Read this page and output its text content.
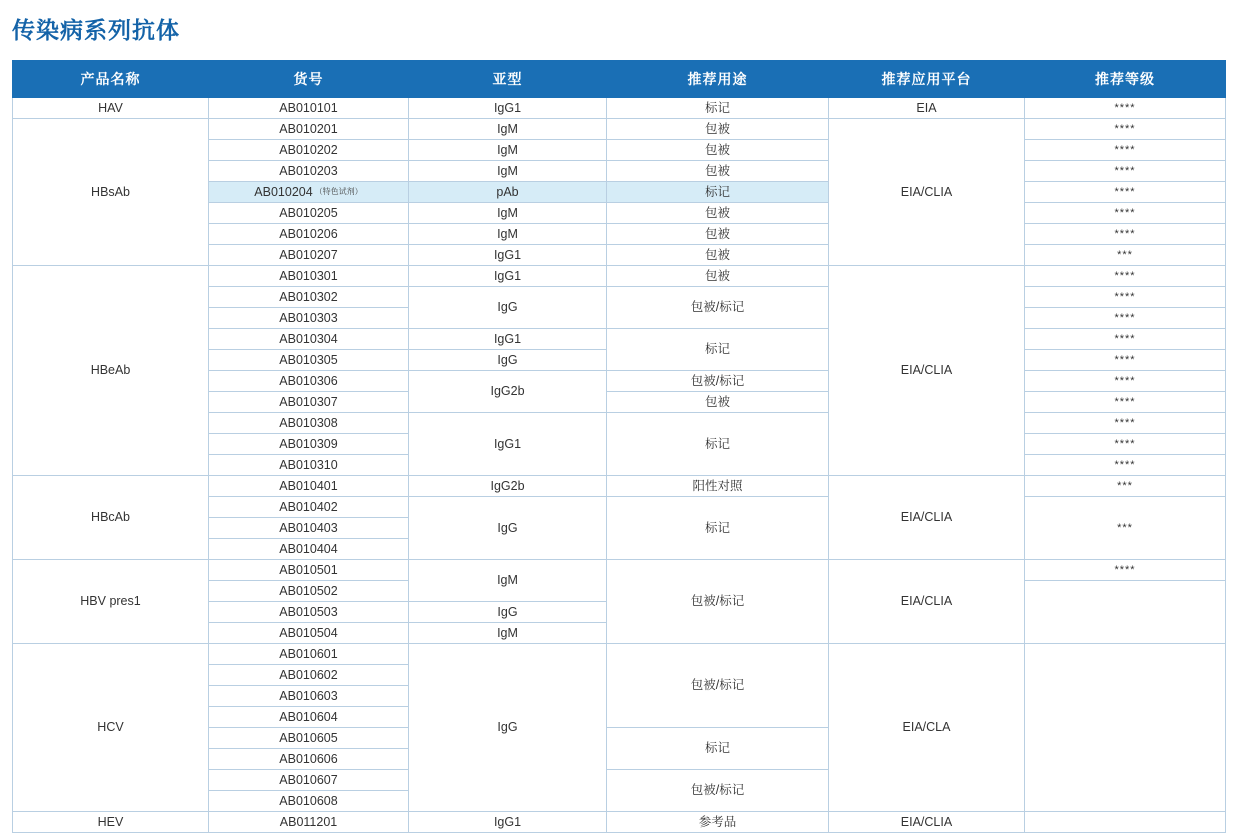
传染病系列抗体
产品名称	货号	亚型	推荐用途	推荐应用平台	推荐等级
HAV	AB010101	IgG1	标记	EIA	****
HBsAb	AB010201	IgM	包被	EIA/CLIA	****
	AB010202	IgM	包被		****
	AB010203	IgM	包被		****
	AB010204 $^{(特色试剂)}$	pAb	标记		****
	AB010205	IgM	包被		****
	AB010206	IgM	包被		****
	AB010207	IgG1	包被		***
HBeAb	AB010301	IgG1	包被	EIA/CLIA	****
	AB010302	IgG	包被/标记		****
	AB010303				****
	AB010304	IgG1	标记		****
	AB010305	IgG			****
	AB010306	IgG2b	包被/标记		****
	AB010307		包被		****
	AB010308	IgG1	标记		****
	AB010309				****
	AB010310				****
HBcAb	AB010401	IgG2b	阳性对照	EIA/CLIA	***
	AB010402	IgG	标记		***
	AB010403				
	AB010404				
HBV pres1	AB010501	IgM	包被/标记	EIA/CLIA	****
	AB010502				
	AB010503	IgG			
	AB010504	IgM			
HCV	AB010601	IgG	包被/标记	EIA/CLA	
	AB010602				
	AB010603				
	AB010604				
	AB010605		标记		
	AB010606				
	AB010607		包被/标记		
	AB010608				
HEV	AB011201	IgG1	参考品	EIA/CLIA	
